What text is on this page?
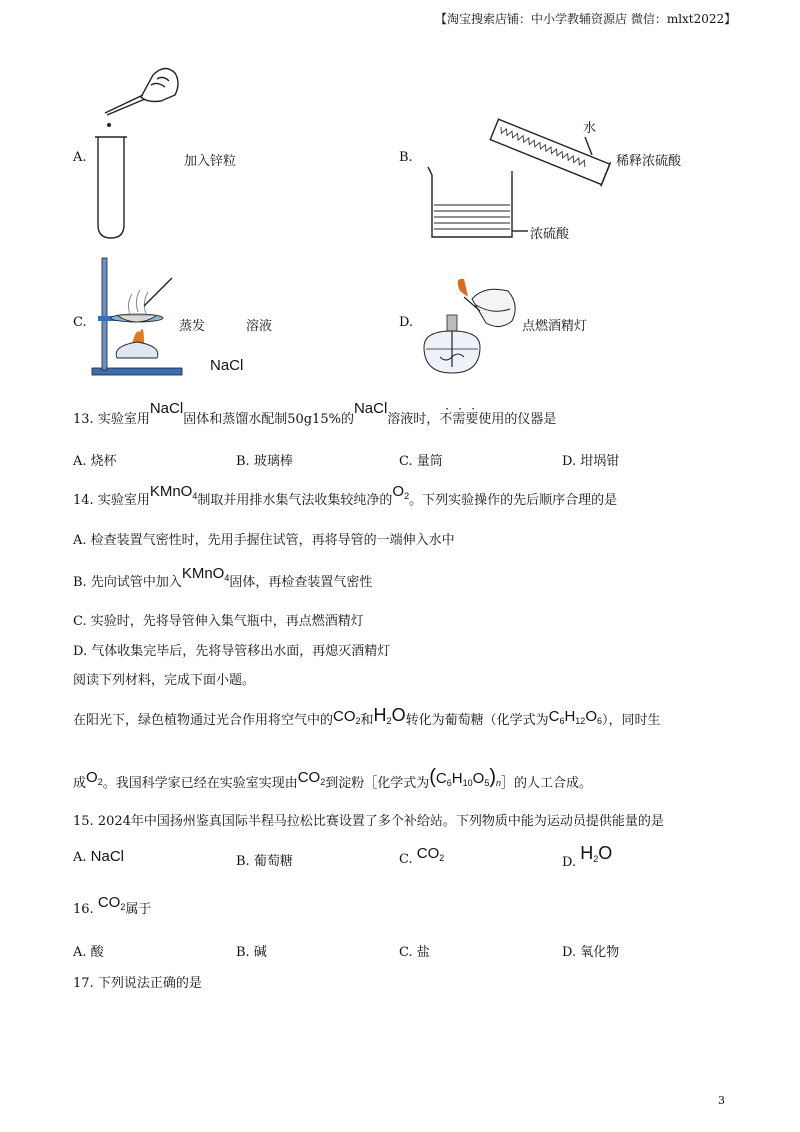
【淘宝搜索店铺：中小学教辅资源店 微信：mlxt2022】
A.	加入锌粒	B.
水
稀释浓硫酸
浓硫酸
C.	蒸发	溶液
NaCl
D.	点燃酒精灯
13. 实验室用NaCl固体和蒸馏水配制50g15%的NaCl溶液时，不
·
需
·
要
·
使用的仪器是
A. 烧杯	B. 玻璃棒	C. 量筒	D. 坩埚钳
14. 实验室用KMnO$_4$制取并用排水集气法收集较纯净的$O_2$。下列实验操作的先后顺序合理的是
A. 检查装置气密性时，先用手握住试管，再将导管的一端伸入水中
B. 先向试管中加入KMnO$_4$固体，再检查装置气密性
C. 实验时，先将导管伸入集气瓶中，再点燃酒精灯
D. 气体收集完毕后，先将导管移出水面，再熄灭酒精灯
阅读下列材料，完成下面小题。
在阳光下，绿色植物通过光合作用将空气中的$CO_2$和$H_2O$转化为葡萄糖（化学式为$C_6H_{12}O_6$），同时生
成$O_2$。我国科学家已经在实验室实现由$CO_2$到淀粉［化学式为$(C_6H_{10}O_5)_n]$的人工合成。
15. 2024年中国扬州鉴真国际半程马拉松比赛设置了多个补给站。下列物质中能为运动员提供能量的是
A. NaCl	B. 葡萄糖	C. $CO_2$	D. $H_2O$
16. $CO_2$属于
A. 酸	B. 碱	C. 盐	D. 氧化物
17. 下列说法正确的是
3
